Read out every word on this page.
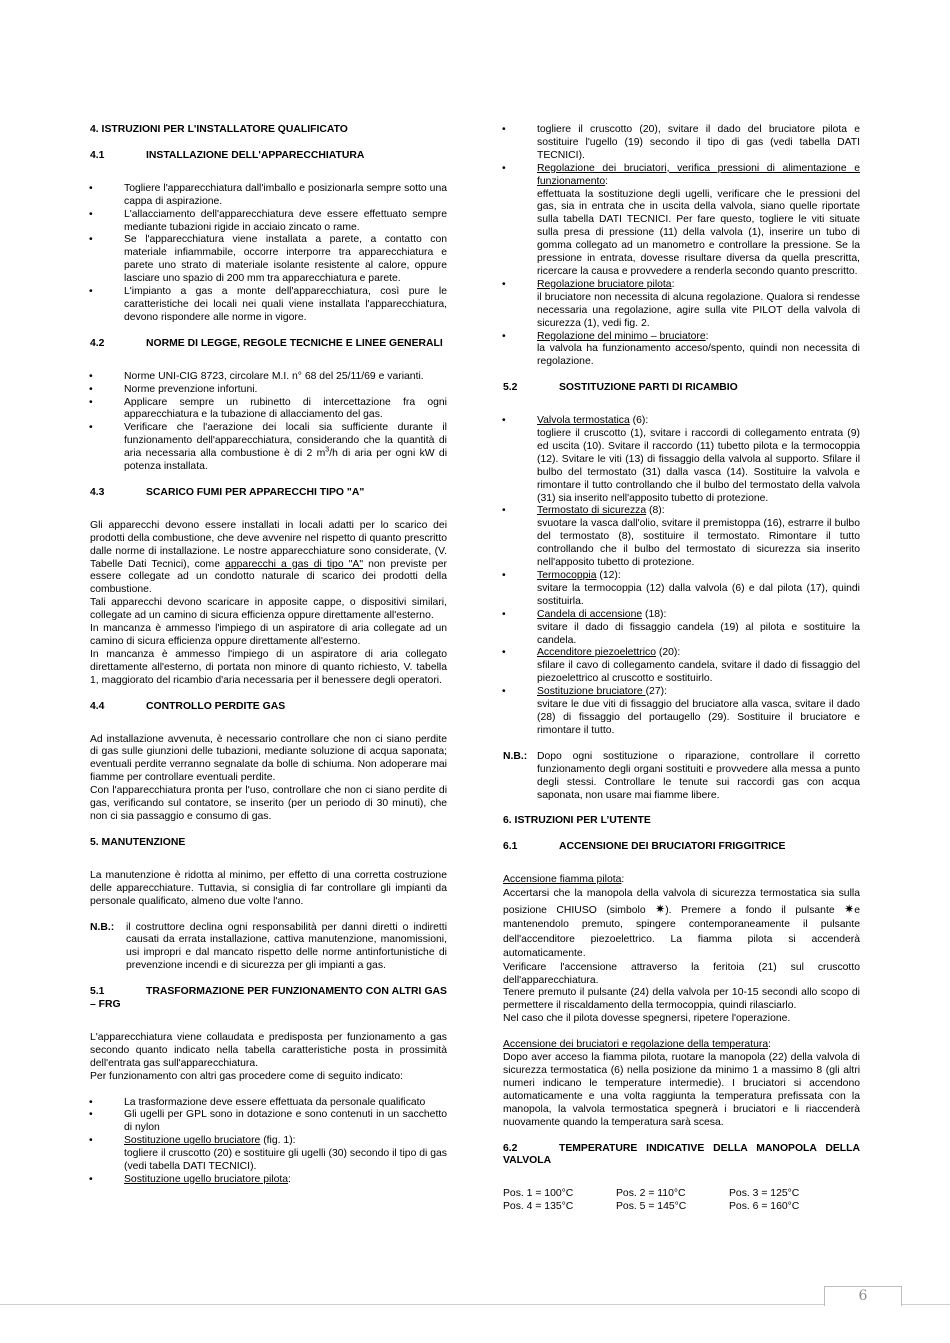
4. ISTRUZIONI PER L'INSTALLATORE QUALIFICATO

4.1	INSTALLAZIONE DELL'APPARECCHIATURA

• Togliere l'apparecchiatura dall'imballo e posizionarla sempre sotto una cappa di aspirazione.
• L'allacciamento dell'apparecchiatura deve essere effettuato sempre mediante tubazioni rigide in acciaio zincato o rame.
• Se l'apparecchiatura viene installata a parete, a contatto con materiale infiammabile, occorre interporre tra apparecchiatura e parete uno strato di materiale isolante resistente al calore, oppure lasciare uno spazio di 200 mm tra apparecchiatura e parete.
• L'impianto a gas a monte dell'apparecchiatura, così pure le caratteristiche dei locali nei quali viene installata l'apparecchiatura, devono rispondere alle norme in vigore.

4.2	NORME DI LEGGE, REGOLE TECNICHE E LINEE GENERALI

• Norme UNI-CIG 8723, circolare M.I. n° 68 del 25/11/69 e varianti.
• Norme prevenzione infortuni.
• Applicare sempre un rubinetto di intercettazione fra ogni apparecchiatura e la tubazione di allacciamento del gas.
• Verificare che l'aerazione dei locali sia sufficiente durante il funzionamento dell'apparecchiatura, considerando che la quantità di aria necessaria alla combustione è di 2 $m^3/h$ di aria per ogni kW di potenza installata.

4.3	SCARICO FUMI PER APPARECCHI TIPO "A"

Gli apparecchi devono essere installati in locali adatti per lo scarico dei prodotti della combustione, che deve avvenire nel rispetto di quanto prescritto dalle norme di installazione. Le nostre apparecchiature sono considerate, (V. Tabelle Dati Tecnici), come apparecchi a gas di tipo "A" non previste per essere collegate ad un condotto naturale di scarico dei prodotti della combustione.

Tali apparecchi devono scaricare in apposite cappe, o dispositivi similari, collegate ad un camino di sicura efficienza oppure direttamente all'esterno.

In mancanza è ammesso l'impiego di un aspiratore di aria collegate ad un camino di sicura efficienza oppure direttamente all'esterno.

In mancanza è ammesso l'impiego di un aspiratore di aria collegato direttamente all'esterno, di portata non minore di quanto richiesto, V. tabella 1, maggiorato del ricambio d'aria necessaria per il benessere degli operatori.

4.4	CONTROLLO PERDITE GAS

Ad installazione avvenuta, è necessario controllare che non ci siano perdite di gas sulle giunzioni delle tubazioni, mediante soluzione di acqua saponata; eventuali perdite verranno segnalate da bolle di schiuma. Non adoperare mai fiamme per controllare eventuali perdite.

Con l'apparecchiatura pronta per l'uso, controllare che non ci siano perdite di gas, verificando sul contatore, se inserito (per un periodo di 30 minuti), che non ci sia passaggio e consumo di gas.

5. MANUTENZIONE

La manutenzione è ridotta al minimo, per effetto di una corretta costruzione delle apparecchiature. Tuttavia, si consiglia di far controllare gli impianti da personale qualificato, almeno due volte l'anno.

N.B.:	il costruttore declina ogni responsabilità per danni diretti o indiretti causati da errata installazione, cattiva manutenzione, manomissioni, usi impropri e dal mancato rispetto delle norme antinfortunistiche di prevenzione incendi e di sicurezza per gli impianti a gas.

5.1	TRASFORMAZIONE PER FUNZIONAMENTO CON ALTRI GAS – FRG

L'apparecchiatura viene collaudata e predisposta per funzionamento a gas secondo quanto indicato nella tabella caratteristiche posta in prossimità dell'entrata gas sull'apparecchiatura.

Per funzionamento con altri gas procedere come di seguito indicato:

• La trasformazione deve essere effettuata da personale qualificato
• Gli ugelli per GPL sono in dotazione e sono contenuti in un sacchetto di nylon
• Sostituzione ugello bruciatore (fig. 1):
togliere il cruscotto (20) e sostituire gli ugelli (30) secondo il tipo di gas (vedi tabella DATI TECNICI).
• Sostituzione ugello bruciatore pilota:
• togliere il cruscotto (20), svitare il dado del bruciatore pilota e sostituire l'ugello (19) secondo il tipo di gas (vedi tabella DATI TECNICI).
• Regolazione dei bruciatori, verifica pressioni di alimentazione e funzionamento:
effettuata la sostituzione degli ugelli, verificare che le pressioni del gas, sia in entrata che in uscita della valvola, siano quelle riportate sulla tabella DATI TECNICI. Per fare questo, togliere le viti situate sulla presa di pressione (11) della valvola (1), inserire un tubo di gomma collegato ad un manometro e controllare la pressione. Se la pressione in entrata, dovesse risultare diversa da quella prescritta, ricercare la causa e provvedere a renderla secondo quanto prescritto.
• Regolazione bruciatore pilota:
il bruciatore non necessita di alcuna regolazione. Qualora si rendesse necessaria una regolazione, agire sulla vite PILOT della valvola di sicurezza (1), vedi fig. 2.
• Regolazione del minimo – bruciatore:
la valvola ha funzionamento acceso/spento, quindi non necessita di regolazione.

5.2	SOSTITUZIONE PARTI DI RICAMBIO

• Valvola termostatica (6):
togliere il cruscotto (1), svitare i raccordi di collegamento entrata (9) ed uscita (10). Svitare il raccordo (11) tubetto pilota e la termocoppia (12). Svitare le viti (13) di fissaggio della valvola al supporto. Sfilare il bulbo del termostato (31) dalla vasca (14). Sostituire la valvola e rimontare il tutto controllando che il bulbo del termostato della valvola (31) sia inserito nell'apposito tubetto di protezione.
• Termostato di sicurezza (8):
svuotare la vasca dall'olio, svitare il premistoppa (16), estrarre il bulbo del termostato (8), sostituire il termostato. Rimontare il tutto controllando che il bulbo del termostato di sicurezza sia inserito nell'apposito tubetto di protezione.
• Termocoppia (12):
svitare la termocoppia (12) dalla valvola (6) e dal pilota (17), quindi sostituirla.
• Candela di accensione (18):
svitare il dado di fissaggio candela (19) al pilota e sostituire la candela.
• Accenditore piezoelettrico (20):
sfilare il cavo di collegamento candela, svitare il dado di fissaggio del piezoelettrico al cruscotto e sostituirlo.
• Sostituzione bruciatore (27):
svitare le due viti di fissaggio del bruciatore alla vasca, svitare il dado (28) di fissaggio del portaugello (29). Sostituire il bruciatore e rimontare il tutto.
N.B.: Dopo ogni sostituzione o riparazione, controllare il corretto funzionamento degli organi sostituiti e provvedere alla messa a punto degli stessi. Controllare le tenute sui raccordi gas con acqua saponata, non usare mai fiamme libere.

6. ISTRUZIONI PER L’UTENTE

6.1	ACCENSIONE DEI BRUCIATORI FRIGGITRICE

Accensione fiamma pilota:

Accertarsi che la manopola della valvola di sicurezza termostatica sia sulla posizione CHIUSO (simbolo ✷). Premere a fondo il pulsante ✷e mantenendolo premuto, spingere contemporaneamente il pulsante dell'accenditore piezoelettrico. La fiamma pilota si accenderà automaticamente.

Verificare l'accensione attraverso la feritoia (21) sul cruscotto dell'apparecchiatura.

Tenere premuto il pulsante (24) della valvola per 10-15 secondi allo scopo di permettere il riscaldamento della termocoppia, quindi rilasciarlo.

Nel caso che il pilota dovesse spegnersi, ripetere l'operazione.

Accensione dei bruciatori e regolazione della temperatura:

Dopo aver acceso la fiamma pilota, ruotare la manopola (22) della valvola di sicurezza termostatica (6) nella posizione da minimo 1 a massimo 8 (gli altri numeri indicano le temperature intermedie). I bruciatori si accendono automaticamente e una volta raggiunta la temperatura prefissata con la manopola, la valvola termostatica spegnerà i bruciatori e li riaccenderà nuovamente quando la temperatura sarà scesa.

6.2	TEMPERATURE INDICATIVE DELLA MANOPOLA DELLA VALVOLA

Pos. 1 = 100°C	Pos. 2 = 110°C	Pos. 3 = 125°C
Pos. 4 = 135°C	Pos. 5 = 145°C	Pos. 6 = 160°C
6
